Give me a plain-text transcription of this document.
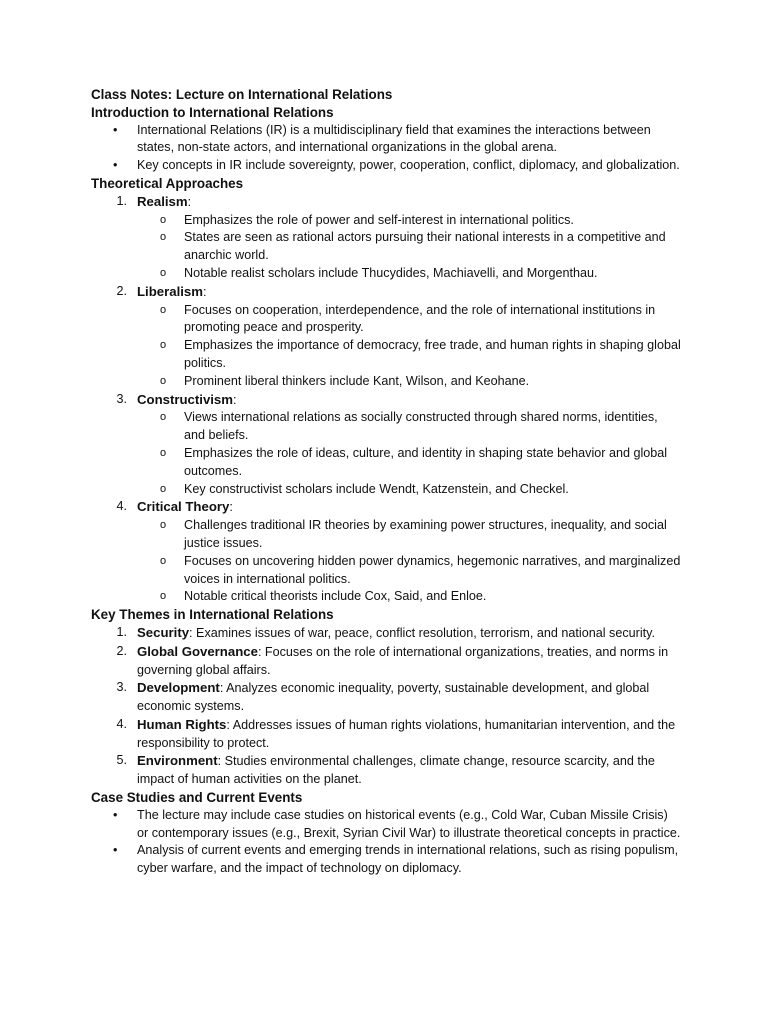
Class Notes: Lecture on International Relations
Introduction to International Relations
• International Relations (IR) is a multidisciplinary field that examines the interactions between states, non-state actors, and international organizations in the global arena.
• Key concepts in IR include sovereignty, power, cooperation, conflict, diplomacy, and globalization.
Theoretical Approaches
1. Realism:
o	Emphasizes the role of power and self-interest in international politics.
o	States are seen as rational actors pursuing their national interests in a competitive and anarchic world.
o	Notable realist scholars include Thucydides, Machiavelli, and Morgenthau.
2. Liberalism:
o	Focuses on cooperation, interdependence, and the role of international institutions in promoting peace and prosperity.
o	Emphasizes the importance of democracy, free trade, and human rights in shaping global politics.
o	Prominent liberal thinkers include Kant, Wilson, and Keohane.
3. Constructivism:
o	Views international relations as socially constructed through shared norms, identities, and beliefs.
o	Emphasizes the role of ideas, culture, and identity in shaping state behavior and global outcomes.
o	Key constructivist scholars include Wendt, Katzenstein, and Checkel.
4. Critical Theory:
o	Challenges traditional IR theories by examining power structures, inequality, and social justice issues.
o	Focuses on uncovering hidden power dynamics, hegemonic narratives, and marginalized voices in international politics.
o	Notable critical theorists include Cox, Said, and Enloe.
Key Themes in International Relations
1. Security: Examines issues of war, peace, conflict resolution, terrorism, and national security.
2. Global Governance: Focuses on the role of international organizations, treaties, and norms in governing global affairs.
3. Development: Analyzes economic inequality, poverty, sustainable development, and global economic systems.
4. Human Rights: Addresses issues of human rights violations, humanitarian intervention, and the responsibility to protect.
5. Environment: Studies environmental challenges, climate change, resource scarcity, and the impact of human activities on the planet.
Case Studies and Current Events
• The lecture may include case studies on historical events (e.g., Cold War, Cuban Missile Crisis) or contemporary issues (e.g., Brexit, Syrian Civil War) to illustrate theoretical concepts in practice.
• Analysis of current events and emerging trends in international relations, such as rising populism, cyber warfare, and the impact of technology on diplomacy.
